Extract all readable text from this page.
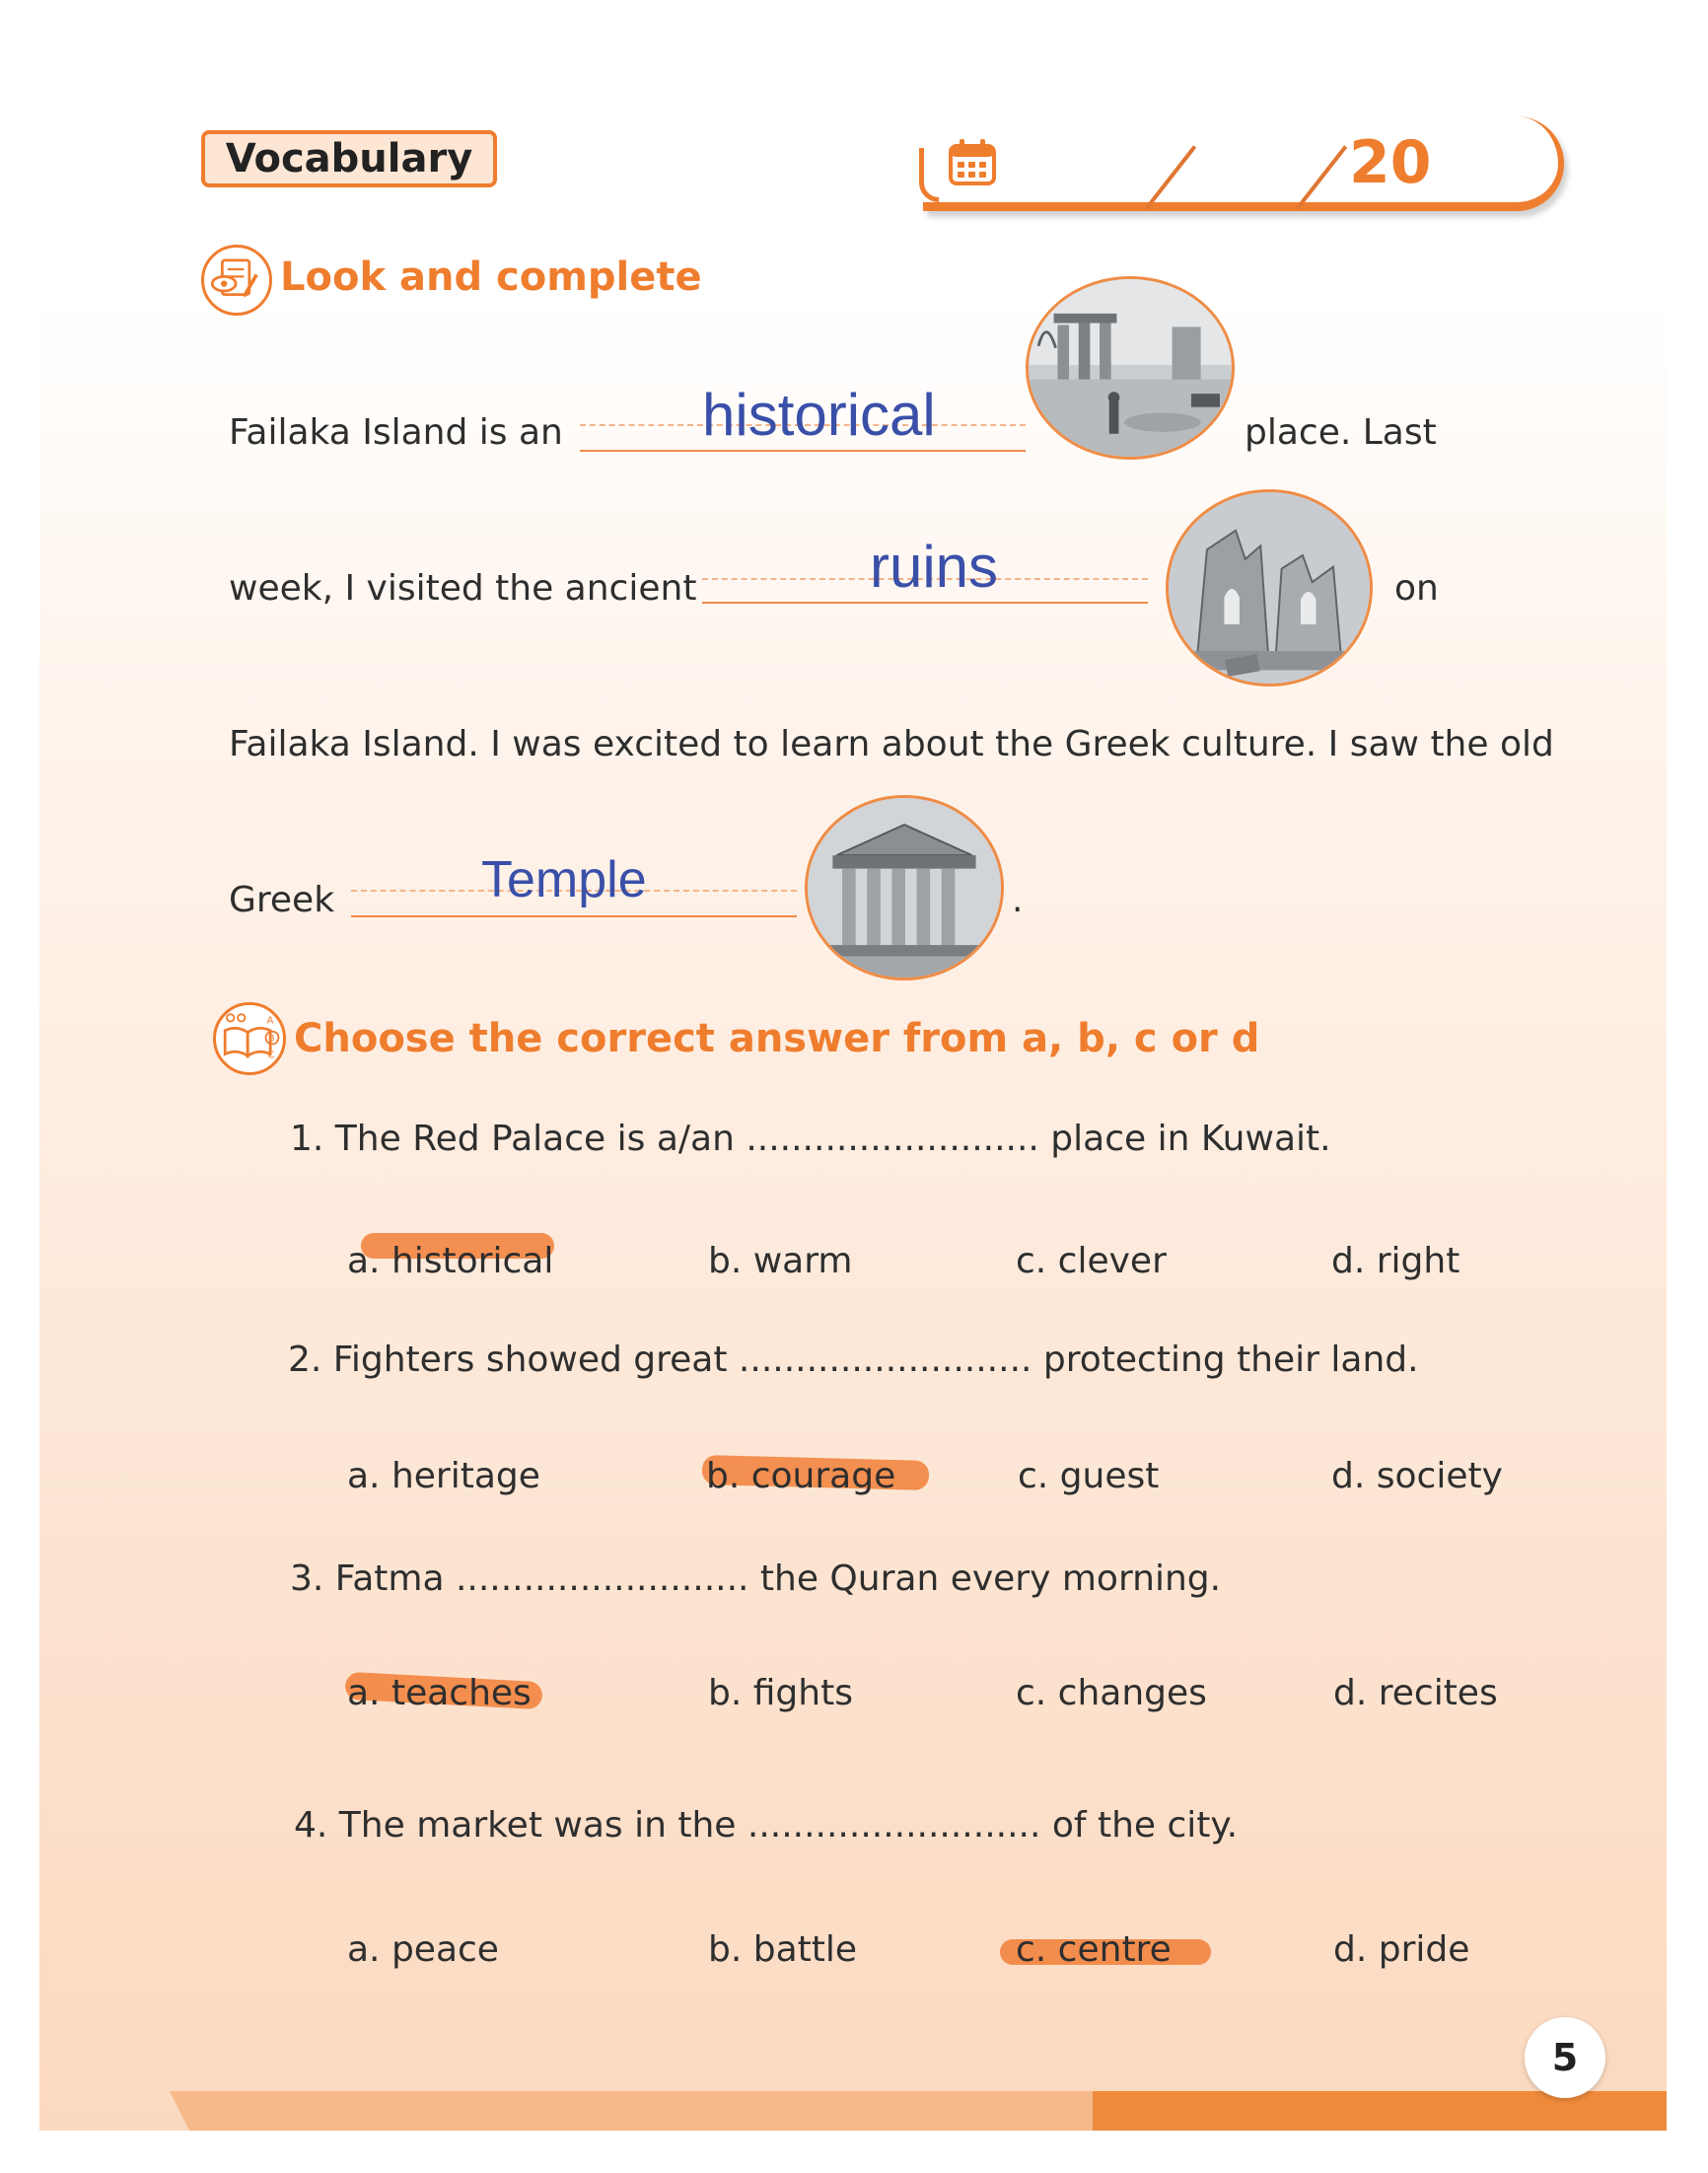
Vocabulary	20
Look and complete
Failaka Island is an historical	place. Last
week, I visited the ancient	ruins	on
Failaka Island. I was excited to learn about the Greek culture. I saw the old
Greek	Temple	.
A
B
C Choose the correct answer from a, b, c or d
1. The Red Palace is a/an .......................... place in Kuwait.
a. historical	b. warm	c. clever	d. right
2. Fighters showed great .......................... protecting their land.
a. heritage	b. courage	c. guest	d. society
3. Fatma .......................... the Quran every morning.
a. teaches	b. fights	c. changes	d. recites
4. The market was in the .......................... of the city.
a. peace	b. battle	c. centre	d. pride
5
